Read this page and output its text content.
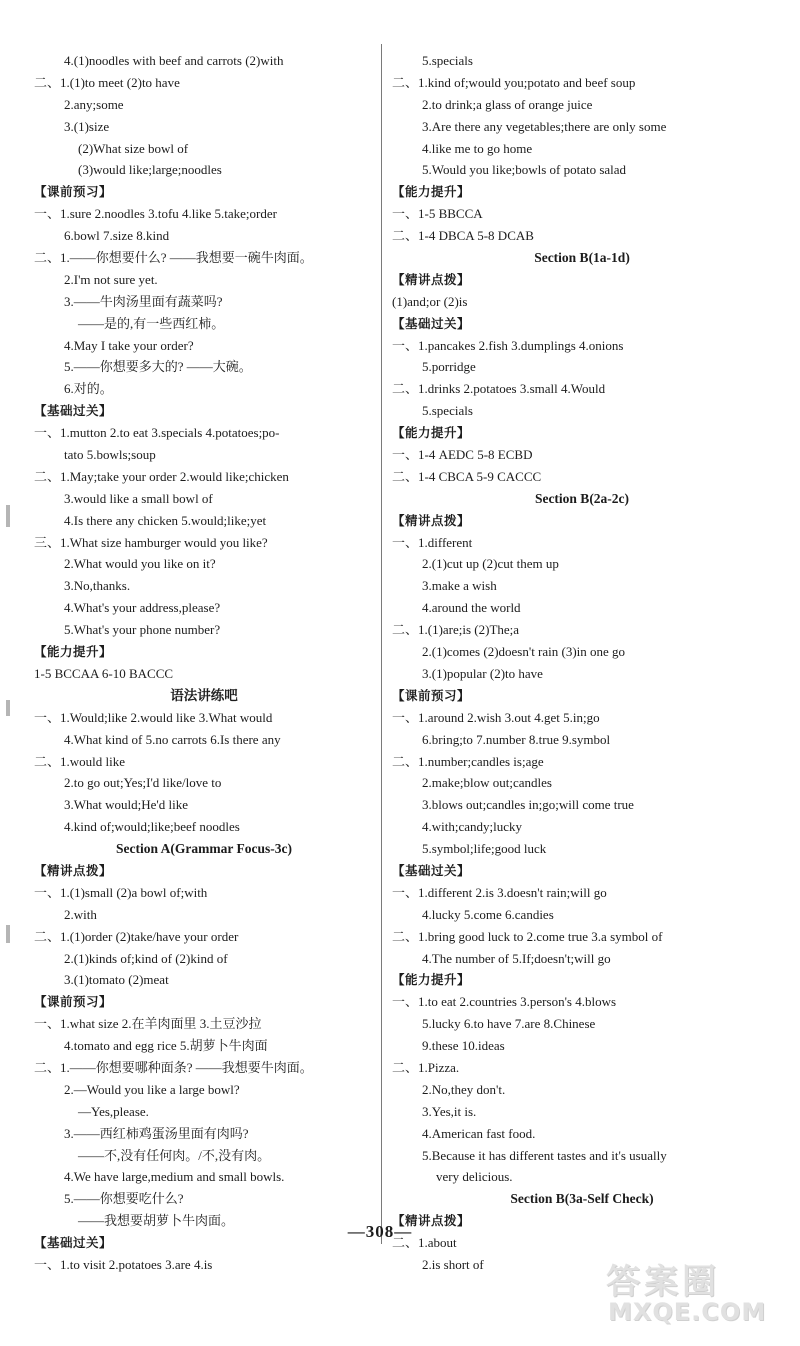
4.(1)noodles with beef and carrots (2)with
二、1.(1)to meet (2)to have
2.any;some
3.(1)size
(2)What size bowl of
(3)would like;large;noodles
【课前预习】
一、1.sure 2.noodles 3.tofu 4.like 5.take;order
6.bowl 7.size 8.kind
二、1.——你想要什么? ——我想要一碗牛肉面。
2.I'm not sure yet.
3.——牛肉汤里面有蔬菜吗?
——是的,有一些西红柿。
4.May I take your order?
5.——你想要多大的? ——大碗。
6.对的。
【基础过关】
一、1.mutton 2.to eat 3.specials 4.potatoes;po-
tato 5.bowls;soup
二、1.May;take your order 2.would like;chicken
3.would like a small bowl of
4.Is there any chicken 5.would;like;yet
三、1.What size hamburger would you like?
2.What would you like on it?
3.No,thanks.
4.What's your address,please?
5.What's your phone number?
【能力提升】
1-5 BCCAA 6-10 BACCC
语法讲练吧
一、1.Would;like 2.would like 3.What would
4.What kind of 5.no carrots 6.Is there any
二、1.would like
2.to go out;Yes;I'd like/love to
3.What would;He'd like
4.kind of;would;like;beef noodles
Section A(Grammar Focus-3c)
【精讲点拨】
一、1.(1)small (2)a bowl of;with
2.with
二、1.(1)order (2)take/have your order
2.(1)kinds of;kind of (2)kind of
3.(1)tomato (2)meat
【课前预习】
一、1.what size 2.在羊肉面里 3.土豆沙拉
4.tomato and egg rice 5.胡萝卜牛肉面
二、1.——你想要哪种面条? ——我想要牛肉面。
2.—Would you like a large bowl?
—Yes,please.
3.——西红柿鸡蛋汤里面有肉吗?
——不,没有任何肉。/不,没有肉。
4.We have large,medium and small bowls.
5.——你想要吃什么?
——我想要胡萝卜牛肉面。
【基础过关】
一、1.to visit 2.potatoes 3.are 4.is
5.specials
二、1.kind of;would you;potato and beef soup
2.to drink;a glass of orange juice
3.Are there any vegetables;there are only some
4.like me to go home
5.Would you like;bowls of potato salad
【能力提升】
一、1-5 BBCCA
二、1-4 DBCA 5-8 DCAB
Section B(1a-1d)
【精讲点拨】
(1)and;or (2)is
【基础过关】
一、1.pancakes 2.fish 3.dumplings 4.onions
5.porridge
二、1.drinks 2.potatoes 3.small 4.Would
5.specials
【能力提升】
一、1-4 AEDC 5-8 ECBD
二、1-4 CBCA 5-9 CACCC
Section B(2a-2c)
【精讲点拨】
一、1.different
2.(1)cut up (2)cut them up
3.make a wish
4.around the world
二、1.(1)are;is (2)The;a
2.(1)comes (2)doesn't rain (3)in one go
3.(1)popular (2)to have
【课前预习】
一、1.around 2.wish 3.out 4.get 5.in;go
6.bring;to 7.number 8.true 9.symbol
二、1.number;candles is;age
2.make;blow out;candles
3.blows out;candles in;go;will come true
4.with;candy;lucky
5.symbol;life;good luck
【基础过关】
一、1.different 2.is 3.doesn't rain;will go
4.lucky 5.come 6.candies
二、1.bring good luck to 2.come true 3.a symbol of
4.The number of 5.If;doesn't;will go
【能力提升】
一、1.to eat 2.countries 3.person's 4.blows
5.lucky 6.to have 7.are 8.Chinese
9.these 10.ideas
二、1.Pizza.
2.No,they don't.
3.Yes,it is.
4.American fast food.
5.Because it has different tastes and it's usually
very delicious.
Section B(3a-Self Check)
【精讲点拨】
二、1.about
2.is short of
—308—
答案圈
MXQE.COM
